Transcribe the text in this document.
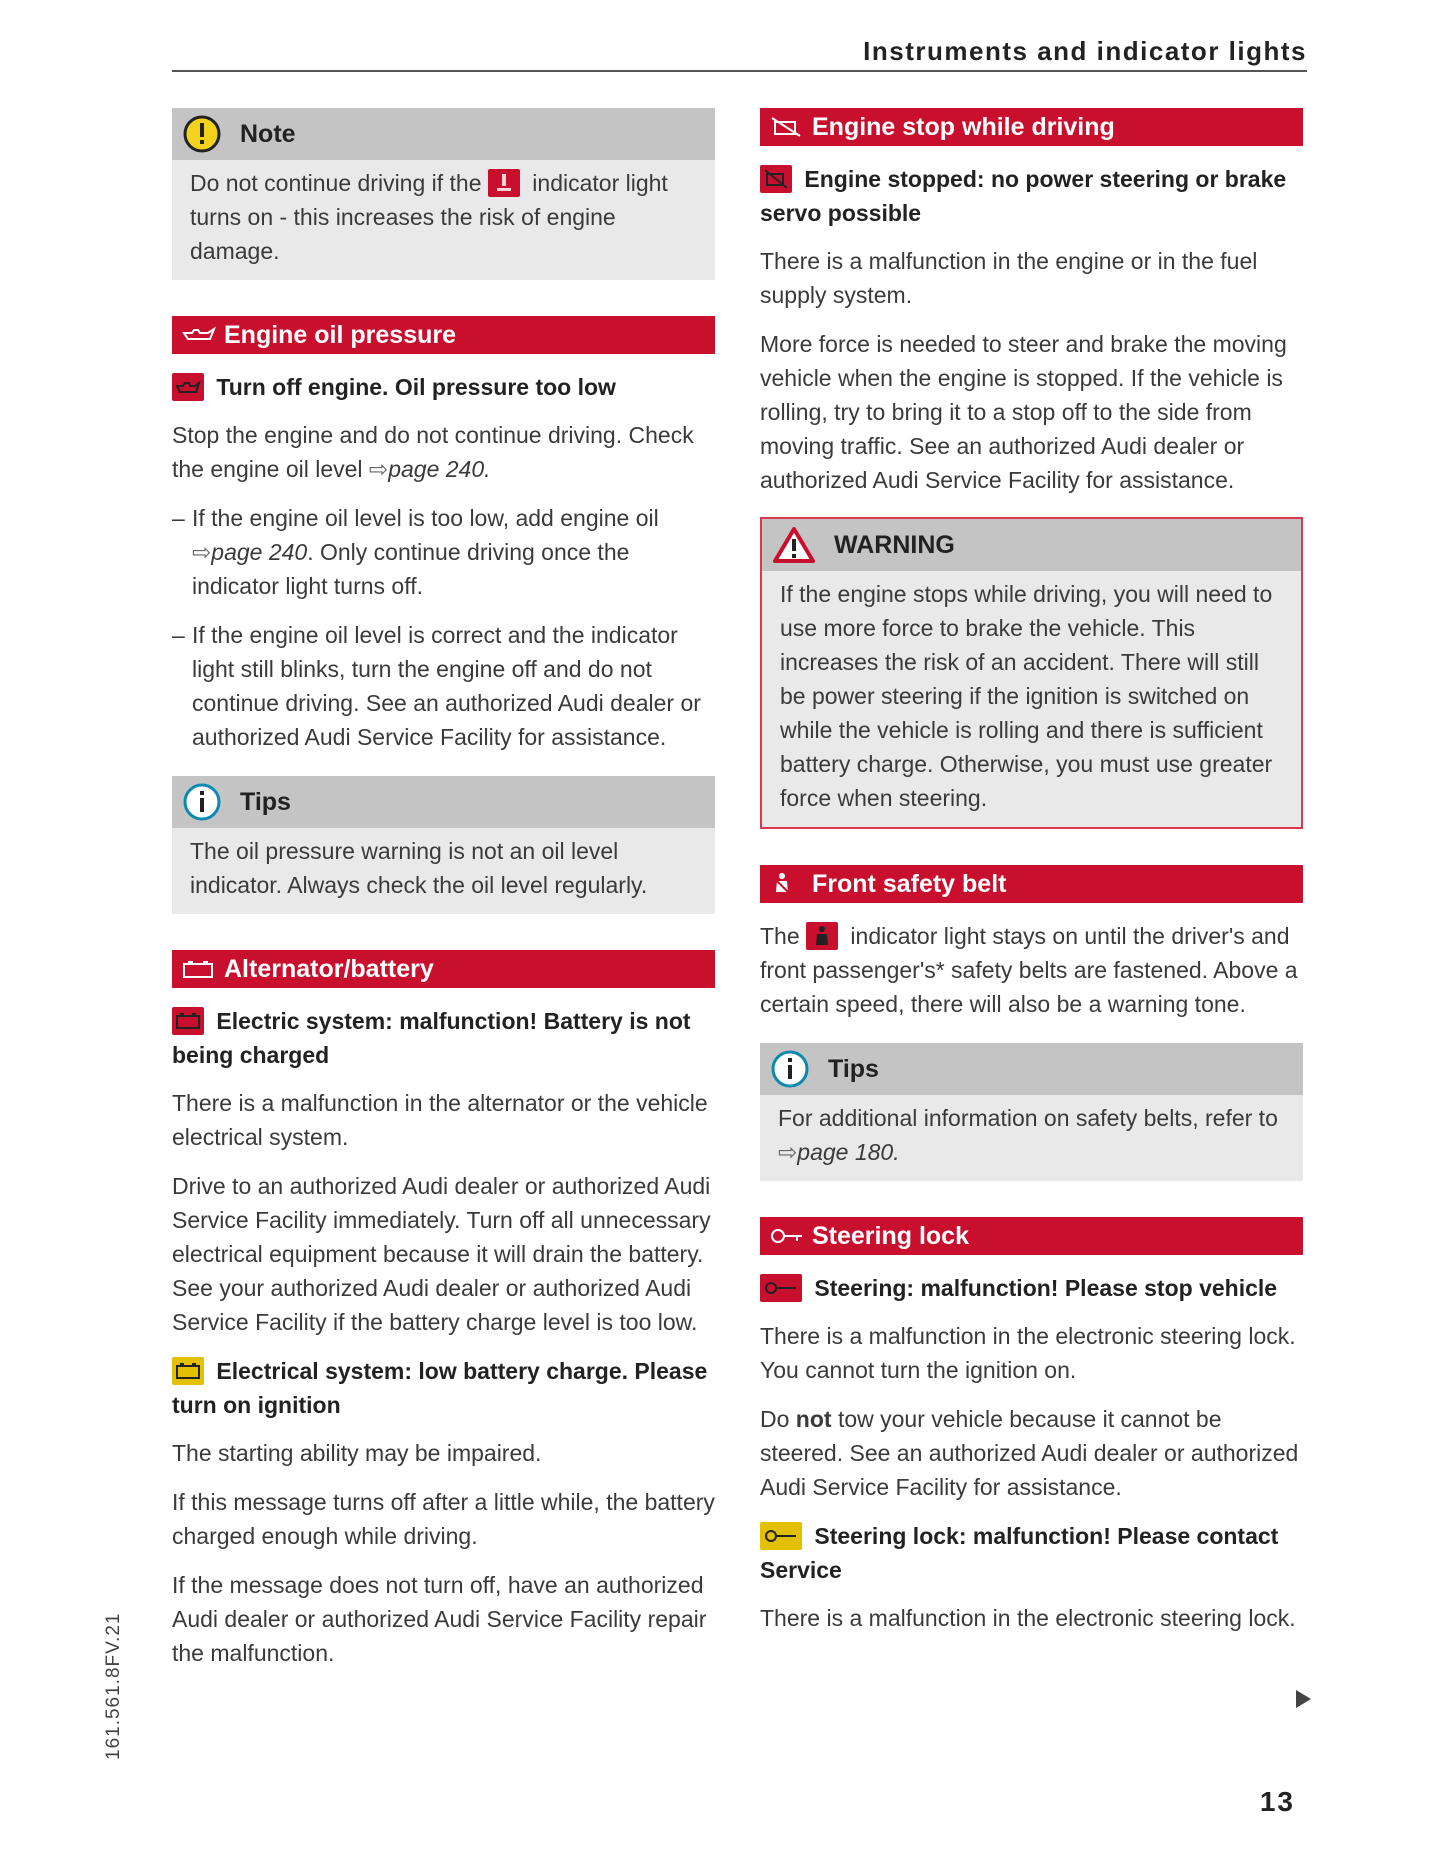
Instruments and indicator lights
Note

Do not continue driving if the indicator light turns on - this increases the risk of engine damage.

Engine oil pressure
Turn off engine. Oil pressure too low

Stop the engine and do not continue driving. Check the engine oil level ⇨page 240.

– If the engine oil level is too low, add engine oil ⇨page 240. Only continue driving once the indicator light turns off.
– If the engine oil level is correct and the indicator light still blinks, turn the engine off and do not continue driving. See an authorized Audi dealer or authorized Audi Service Facility for assistance.
Tips

The oil pressure warning is not an oil level indicator. Always check the oil level regularly.

Alternator/battery
Electric system: malfunction! Battery is not being charged

There is a malfunction in the alternator or the vehicle electrical system.

Drive to an authorized Audi dealer or authorized Audi Service Facility immediately. Turn off all unnecessary electrical equipment because it will drain the battery. See your authorized Audi dealer or authorized Audi Service Facility if the battery charge level is too low.

Electrical system: low battery charge. Please turn on ignition

The starting ability may be impaired.

If this message turns off after a little while, the battery charged enough while driving.

If the message does not turn off, have an authorized Audi dealer or authorized Audi Service Facility repair the malfunction.

Engine stop while driving
Engine stopped: no power steering or brake servo possible

There is a malfunction in the engine or in the fuel supply system.

More force is needed to steer and brake the moving vehicle when the engine is stopped. If the vehicle is rolling, try to bring it to a stop off to the side from moving traffic. See an authorized Audi dealer or authorized Audi Service Facility for assistance.

WARNING

If the engine stops while driving, you will need to use more force to brake the vehicle. This increases the risk of an accident. There will still be power steering if the ignition is switched on while the vehicle is rolling and there is sufficient battery charge. Otherwise, you must use greater force when steering.

Front safety belt

The indicator light stays on until the driver's and front passenger's* safety belts are fastened. Above a certain speed, there will also be a warning tone.

Tips

For additional information on safety belts, refer to ⇨page 180.

Steering lock
Steering: malfunction! Please stop vehicle

There is a malfunction in the electronic steering lock. You cannot turn the ignition on.

Do not tow your vehicle because it cannot be steered. See an authorized Audi dealer or authorized Audi Service Facility for assistance.

Steering lock: malfunction! Please contact Service

There is a malfunction in the electronic steering lock.

161.561.8FV.21
13
